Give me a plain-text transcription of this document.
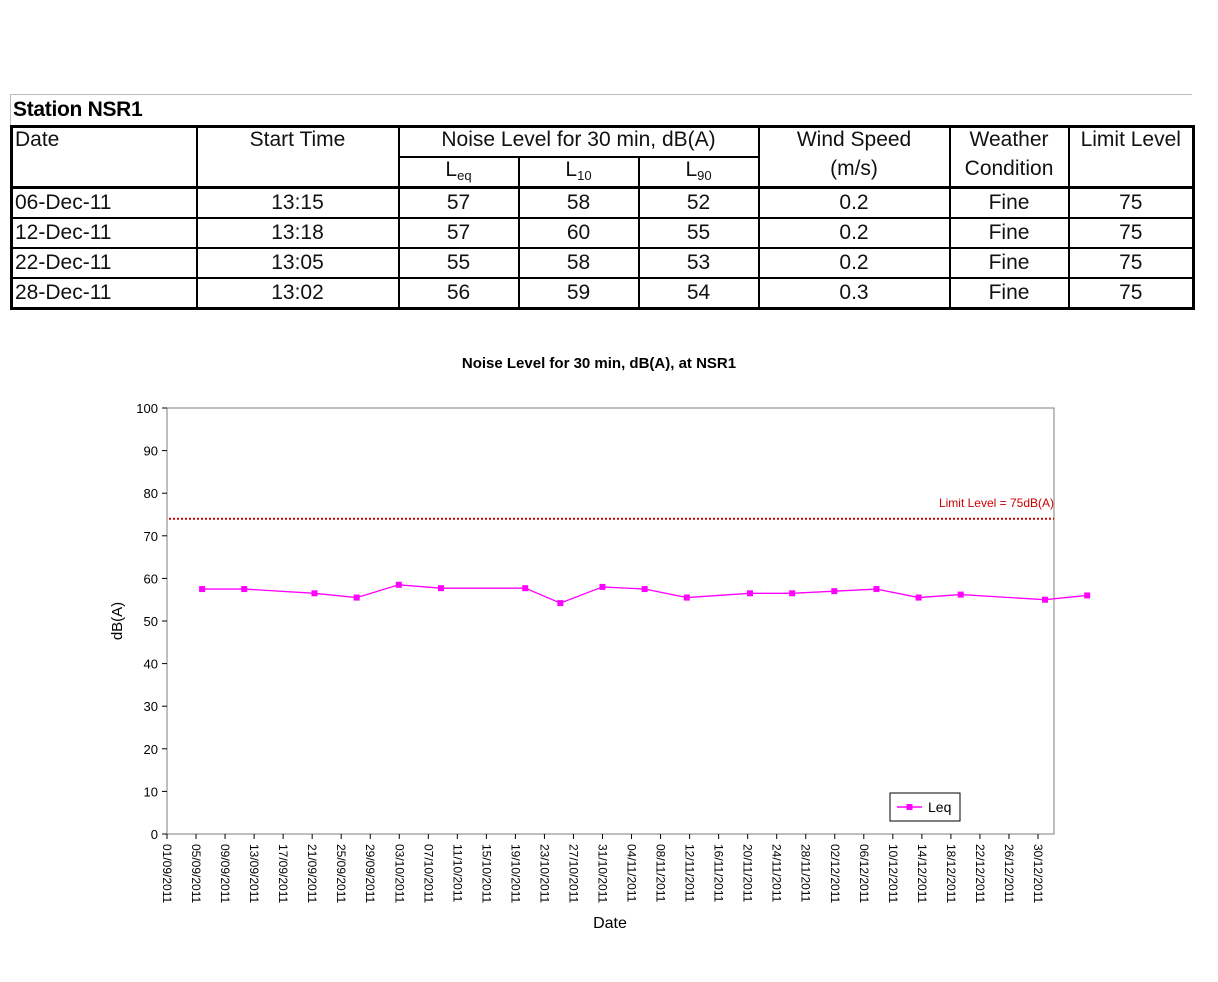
Station NSR1
Date	Start Time	Noise Level for 30 min, dB(A)			Wind Speed	Weather	Limit Level
		$L_{eq}$	$L_{10}$	$L_{90}$	(m/s)	Condition	
06-Dec-11	13:15	57	58	52	0.2	Fine	75
12-Dec-11	13:18	57	60	55	0.2	Fine	75
22-Dec-11	13:05	55	58	53	0.2	Fine	75
28-Dec-11	13:02	56	59	54	0.3	Fine	75
Noise Level for 30 min, dB(A), at NSR1
0
10
20
30
40
50
60
70
80
90
100
01/09/2011 05/09/2011 09/09/2011 13/09/2011 17/09/2011 21/09/2011 25/09/2011 29/09/2011 03/10/2011 07/10/2011 11/10/2011 15/10/2011 19/10/2011 23/10/2011 27/10/2011 31/10/2011 04/11/2011 08/11/2011 12/11/2011 16/11/2011 20/11/2011 24/11/2011 28/11/2011 02/12/2011 06/12/2011 10/12/2011 14/12/2011 18/12/2011 22/12/2011 26/12/2011 30/12/2011
Limit Level = 75dB(A)
dB(A)
Date
Leq
